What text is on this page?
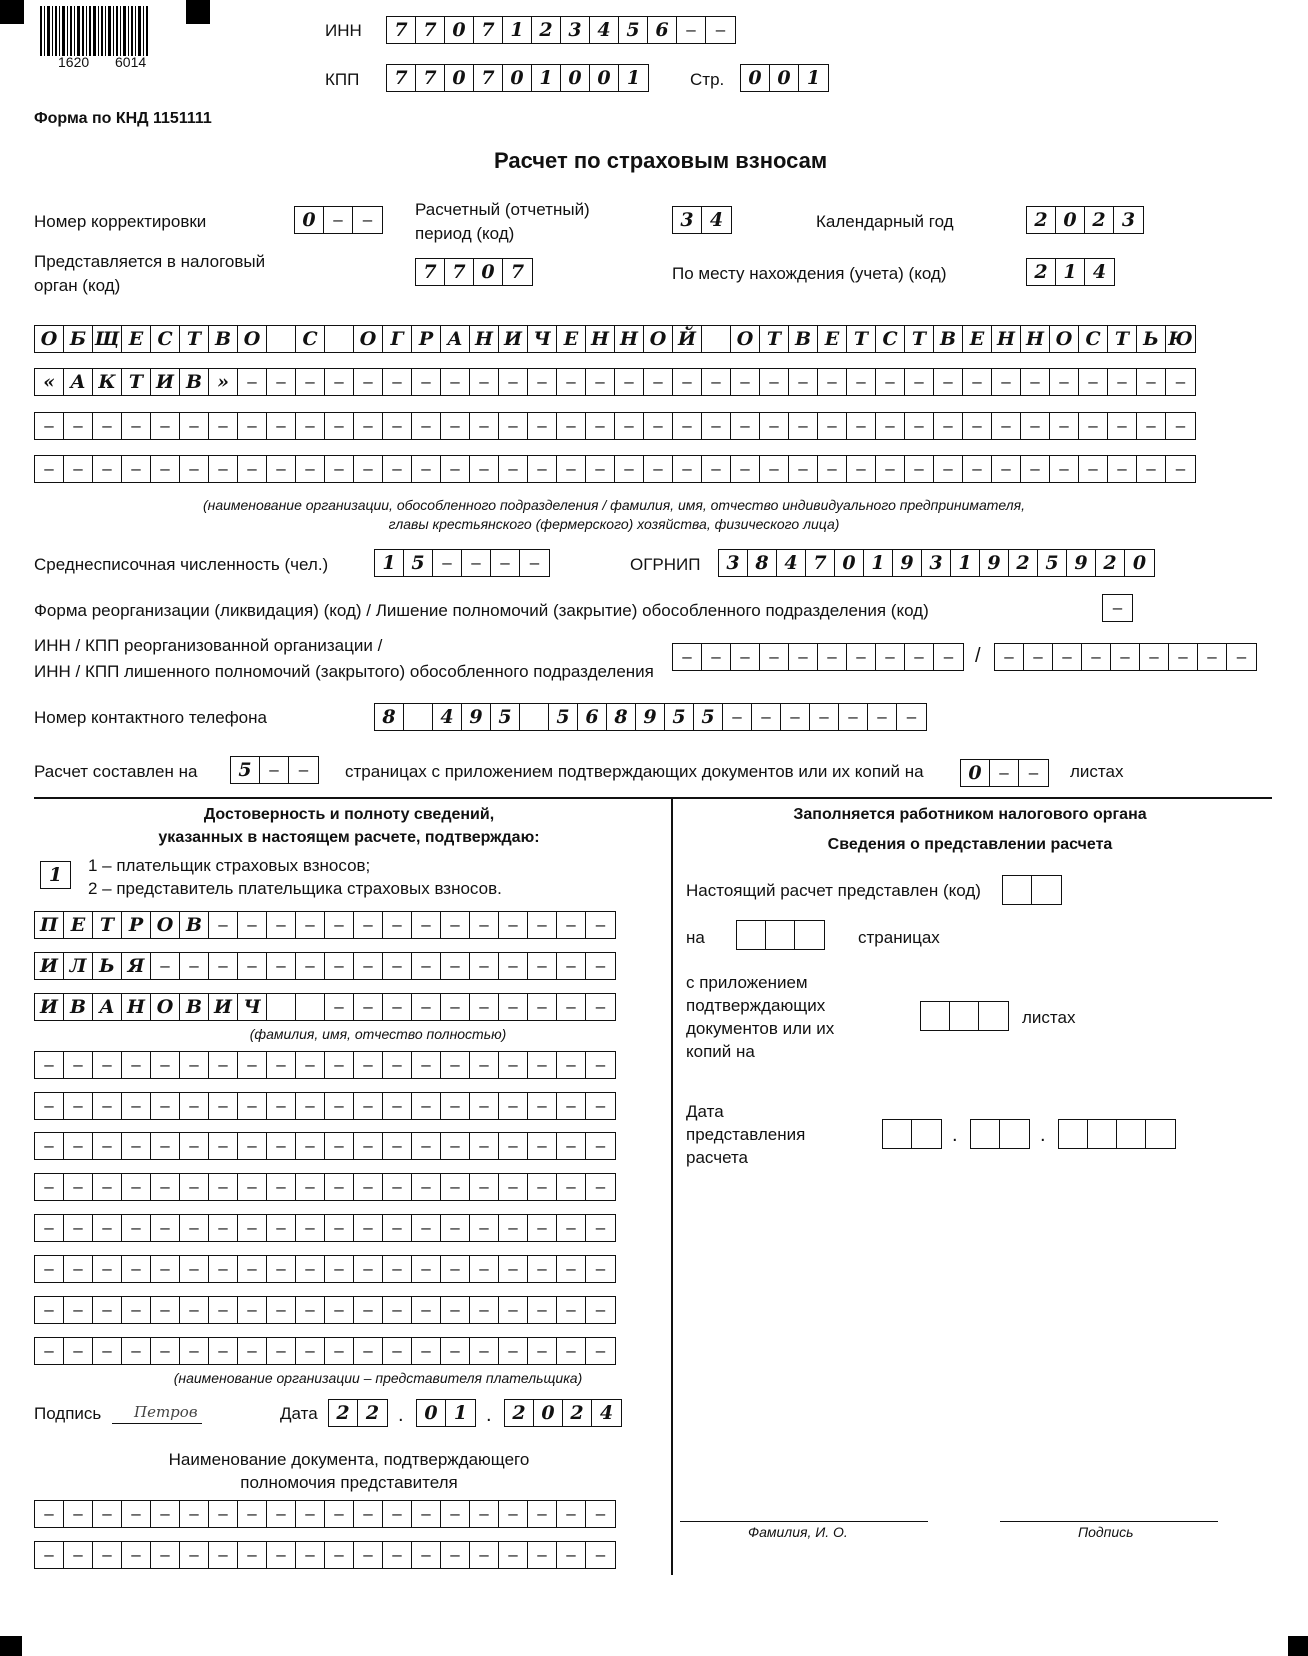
1620 6014
ИНН	7 7 0 7 1 2 3 4 5 6	–	–
КПП	7 7 0 7 0 1 0 0 1	Стр.	0 0 1
Форма по КНД 1151111
Расчет по страховым взносам
Номер корректировки	0	–	–
Расчетный (отчетный)
период (код)
3 4	Календарный год	2 0 2 3
Представляется в налоговый
орган (код)
7 7 0 7	По месту нахождения (учета) (код)	2 1 4
О Б Щ Е С Т В О	С	О Г Р А Н И Ч Е Н Н О Й	О Т В Е Т С Т В Е Н Н О С Т Ь Ю
« А К Т И В »	–	–	–	–	–	–	–	–	–	–	–	–	–	–	–	–	–	–	–	–	–	–	–	–	–	–	–	–	–	–	–	–	–
–	–	–	–	–	–	–	–	–	–	–	–	–	–	–	–	–	–	–	–	–	–	–	–	–	–	–	–	–	–	–	–	–	–	–	–	–	–	–	–
–	–	–	–	–	–	–	–	–	–	–	–	–	–	–	–	–	–	–	–	–	–	–	–	–	–	–	–	–	–	–	–	–	–	–	–	–	–	–	–
(наименование организации, обособленного подразделения / фамилия, имя, отчество индивидуального предпринимателя,
главы крестьянского (фермерского) хозяйства, физического лица)
Среднесписочная численность (чел.)	1 5	–	–	–	–	ОГРНИП	3 8 4 7 0 1 9 3 1 9 2 5 9 2 0
Форма реорганизации (ликвидация) (код) / Лишение полномочий (закрытие) обособленного подразделения (код)	–
ИНН / КПП реорганизованной организации /
ИНН / КПП лишенного полномочий (закрытого) обособленного подразделения
–	–	–	–	–	–	–	–	–	–	/	–	–	–	–	–	–	–	–	–
Номер контактного телефона	8	4 9 5	5 6 8 9 5 5	–	–	–	–	–	–	–
Расчет составлен на	5	–	–	страницах с приложением подтверждающих документов или их копий на	0	–	–	листах
Достоверность и полноту сведений,
указанных в настоящем расчете, подтверждаю:
1	1 – плательщик страховых взносов;
2 – представитель плательщика страховых взносов.
П Е Т Р О В –	–	–	–	–	–	–	–	–	–	–	–	–	–
И Л Ь Я –	–	–	–	–	–	–	–	–	–	–	–	–	–	–	–
И В А Н О В И Ч	–	–	–	–	–	–	–	–	–	–
(фамилия, имя, отчество полностью)
–	–	–	–	–	–	–	–	–	–	–	–	–	–	–	–	–	–	–	–
–	–	–	–	–	–	–	–	–	–	–	–	–	–	–	–	–	–	–	–
–	–	–	–	–	–	–	–	–	–	–	–	–	–	–	–	–	–	–	–
–	–	–	–	–	–	–	–	–	–	–	–	–	–	–	–	–	–	–	–
–	–	–	–	–	–	–	–	–	–	–	–	–	–	–	–	–	–	–	–
–	–	–	–	–	–	–	–	–	–	–	–	–	–	–	–	–	–	–	–
–	–	–	–	–	–	–	–	–	–	–	–	–	–	–	–	–	–	–	–
–	–	–	–	–	–	–	–	–	–	–	–	–	–	–	–	–	–	–	–
(наименование организации – представителя плательщика)
Подпись Петров	Дата 2 2 .	0 1 .	2 0 2 4
Наименование документа, подтверждающего
полномочия представителя
–	–	–	–	–	–	–	–	–	–	–	–	–	–	–	–	–	–	–	–
–	–	–	–	–	–	–	–	–	–	–	–	–	–	–	–	–	–	–	–
Заполняется работником налогового органа
Сведения о представлении расчета
Настоящий расчет представлен (код)
на	страницах
с приложением
подтверждающих
документов или их
копий на
листах
Дата
представления
расчета
.	.
Фамилия, И. О.	Подпись
